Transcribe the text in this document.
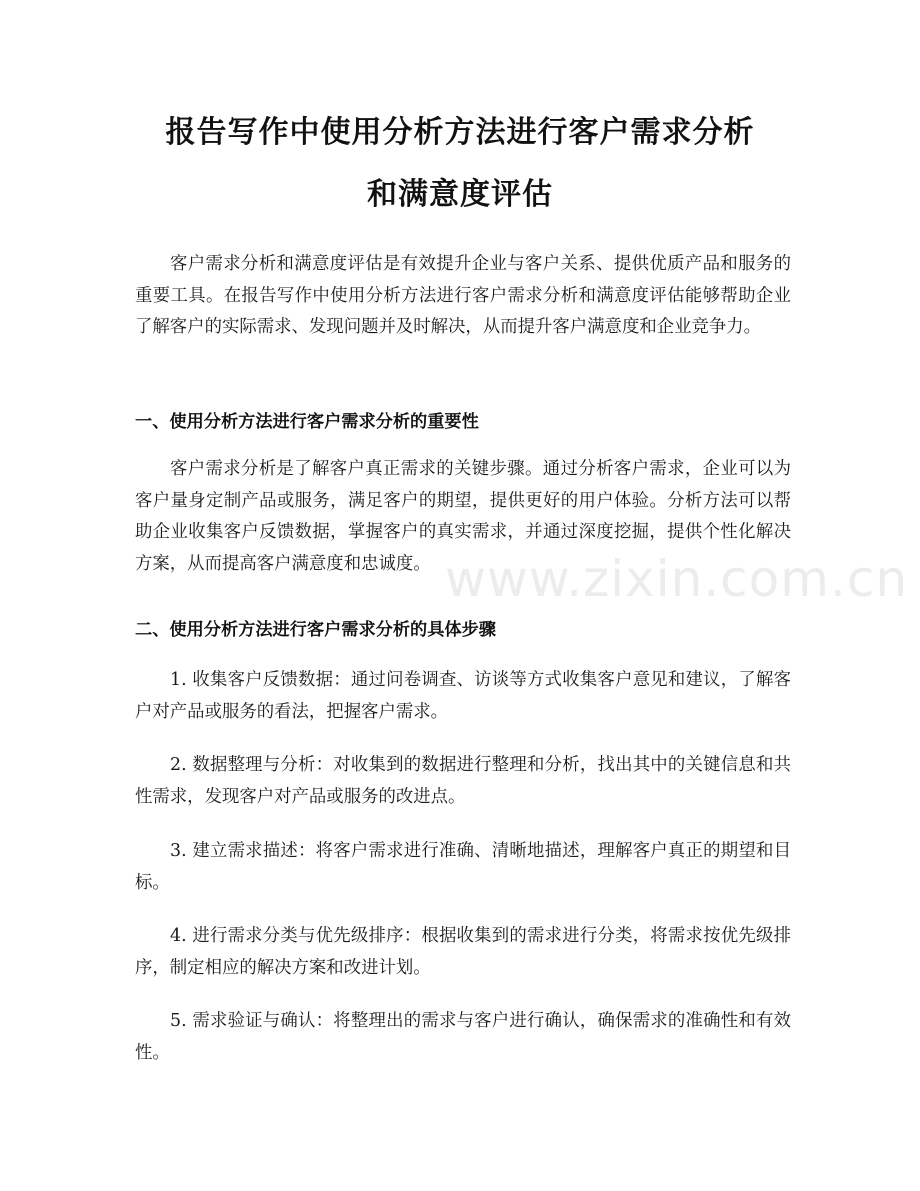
报告写作中使用分析方法进行客户需求分析
和满意度评估

客户需求分析和满意度评估是有效提升企业与客户关系、提供优质产品和服务的重要工具。在报告写作中使用分析方法进行客户需求分析和满意度评估能够帮助企业了解客户的实际需求、发现问题并及时解决，从而提升客户满意度和企业竞争力。

一、使用分析方法进行客户需求分析的重要性

客户需求分析是了解客户真正需求的关键步骤。通过分析客户需求，企业可以为客户量身定制产品或服务，满足客户的期望，提供更好的用户体验。分析方法可以帮助企业收集客户反馈数据，掌握客户的真实需求，并通过深度挖掘，提供个性化解决方案，从而提高客户满意度和忠诚度。 www.zixin.com.cn
二、使用分析方法进行客户需求分析的具体步骤

1. 收集客户反馈数据：通过问卷调查、访谈等方式收集客户意见和建议，了解客户对产品或服务的看法，把握客户需求。

2. 数据整理与分析：对收集到的数据进行整理和分析，找出其中的关键信息和共性需求，发现客户对产品或服务的改进点。

3. 建立需求描述：将客户需求进行准确、清晰地描述，理解客户真正的期望和目标。

4. 进行需求分类与优先级排序：根据收集到的需求进行分类，将需求按优先级排序，制定相应的解决方案和改进计划。

5. 需求验证与确认：将整理出的需求与客户进行确认，确保需求的准确性和有效性。
